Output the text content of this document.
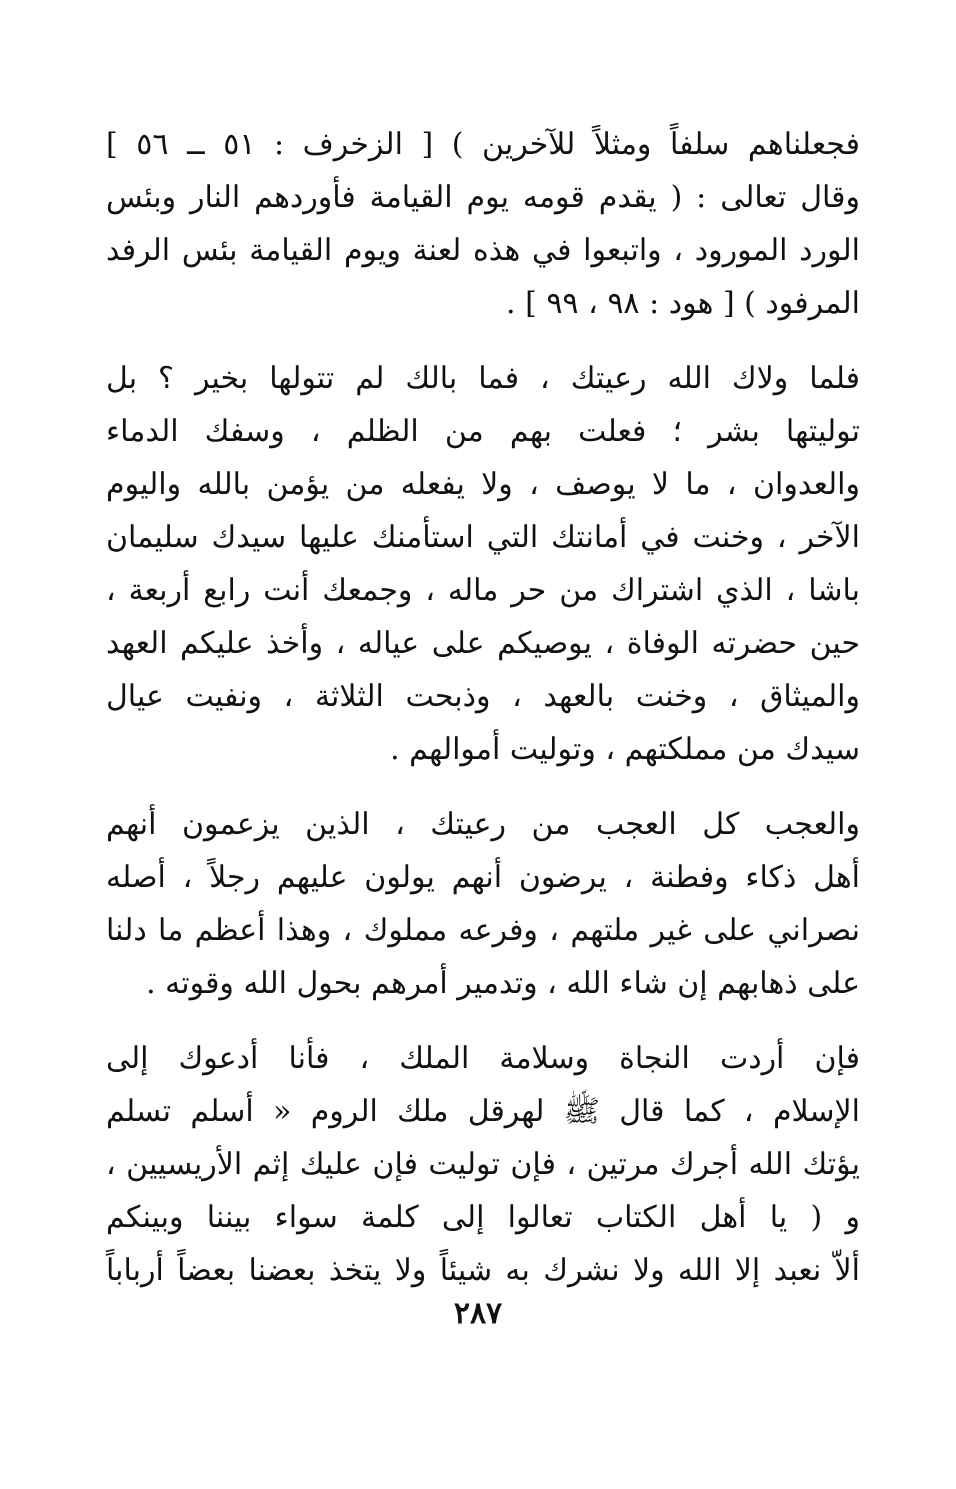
فجعلناهم سلفاً ومثلاً للآخرين ) [ الزخرف : ٥١ ــ ٥٦ ]
وقال تعالى : ( يقدم قومه يوم القيامة فأوردهم النار وبئس
الورد المورود ، واتبعوا في هذه لعنة ويوم القيامة بئس الرفد
المرفود ) [ هود : ٩٨ ، ٩٩ ] .
فلما ولاك الله رعيتك ، فما بالك لم تتولها بخير ؟ بل
توليتها بشر ؛ فعلت بهم من الظلم ، وسفك الدماء
والعدوان ، ما لا يوصف ، ولا يفعله من يؤمن بالله واليوم
الآخر ، وخنت في أمانتك التي استأمنك عليها سيدك سليمان
باشا ، الذي اشتراك من حر ماله ، وجمعك أنت رابع أربعة ،
حين حضرته الوفاة ، يوصيكم على عياله ، وأخذ عليكم العهد
والميثاق ، وخنت بالعهد ، وذبحت الثلاثة ، ونفيت عيال
سيدك من مملكتهم ، وتوليت أموالهم .
والعجب كل العجب من رعيتك ، الذين يزعمون أنهم
أهل ذكاء وفطنة ، يرضون أنهم يولون عليهم رجلاً ، أصله
نصراني على غير ملتهم ، وفرعه مملوك ، وهذا أعظم ما دلنا
على ذهابهم إن شاء الله ، وتدمير أمرهم بحول الله وقوته .
فإن أردت النجاة وسلامة الملك ، فأنا أدعوك إلى
الإسلام ، كما قال ﷺ لهرقل ملك الروم « أسلم تسلم
يؤتك الله أجرك مرتين ، فإن توليت فإن عليك إثم الأريسيين ،
و ( يا أهل الكتاب تعالوا إلى كلمة سواء بيننا وبينكم
ألاّ نعبد إلا الله ولا نشرك به شيئاً ولا يتخذ بعضنا بعضاً أرباباً
٢٨٧
